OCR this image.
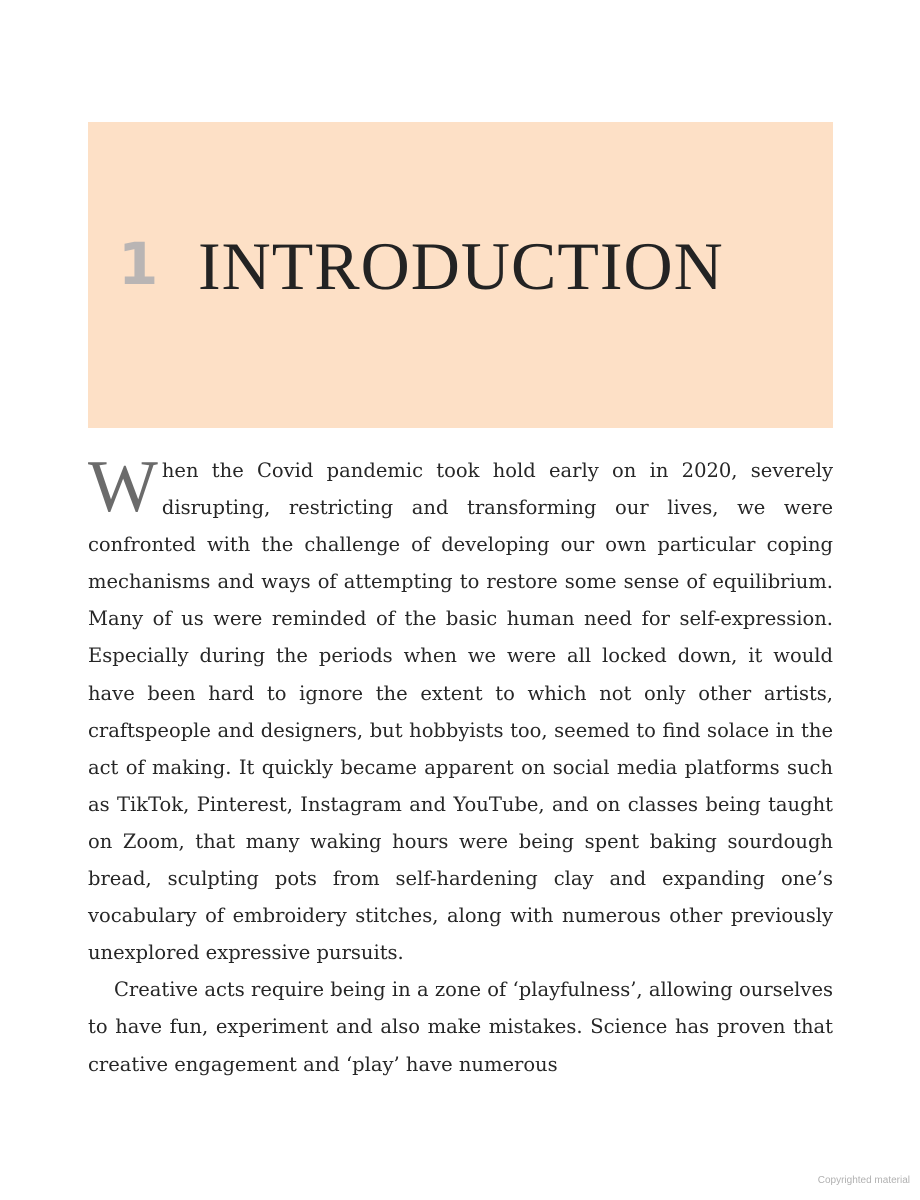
1 INTRODUCTION

When the Covid pandemic took hold early on in 2020, severely disrupting, restricting and transforming our lives, we were confronted with the challenge of developing our own particular coping mechanisms and ways of attempting to restore some sense of equilibrium. Many of us were reminded of the basic human need for self-expression. Especially during the periods when we were all locked down, it would have been hard to ignore the extent to which not only other artists, craftspeople and designers, but hobbyists too, seemed to find solace in the act of making. It quickly became apparent on social media platforms such as TikTok, Pinterest, Instagram and YouTube, and on classes being taught on Zoom, that many waking hours were being spent baking sourdough bread, sculpting pots from self-hardening clay and expanding one’s vocabulary of embroidery stitches, along with numerous other previously unexplored expressive pursuits.

Creative acts require being in a zone of ‘playfulness’, allowing ourselves to have fun, experiment and also make mistakes. Science has proven that creative engagement and ‘play’ have numerous

Copyrighted material
